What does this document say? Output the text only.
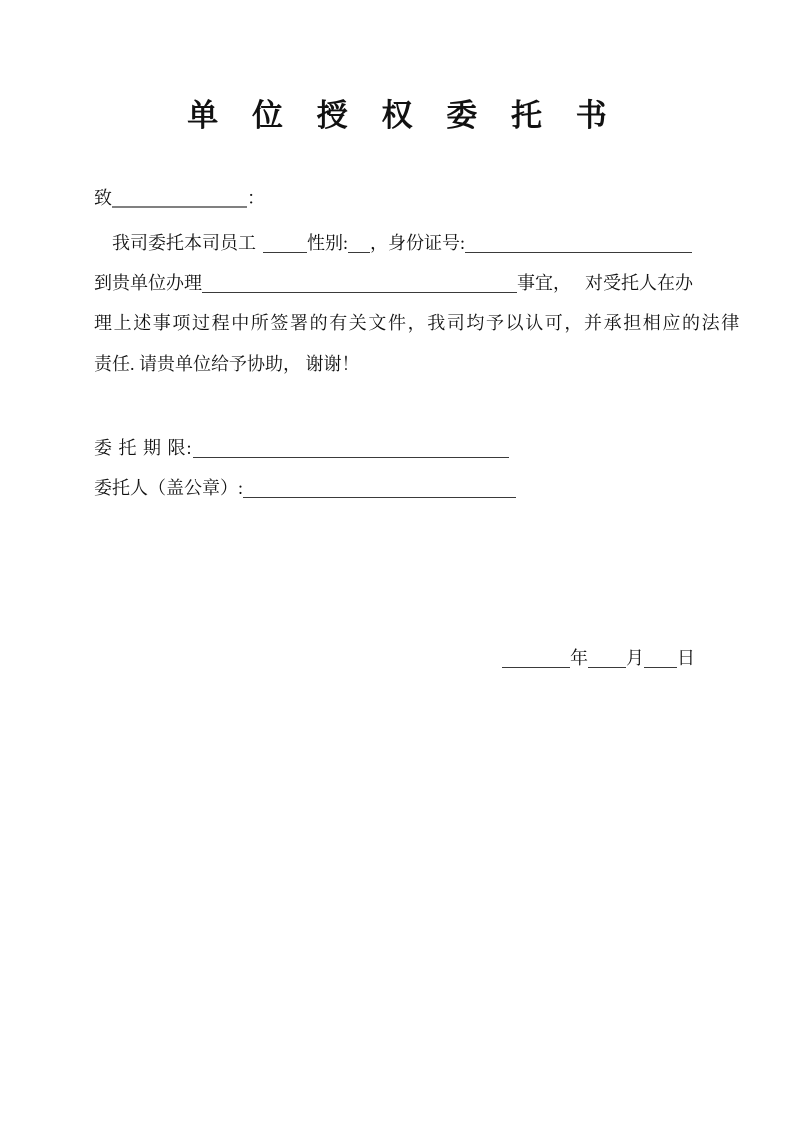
单 位 授 权 委 托 书
致	：
我司委托本司员工	性别: ，身份证号:
到贵单位办理	事宜， 对受托人在办
理上述事项过程中所签署的有关文件，我司均予以认可，并承担相应的法律
责任. 请贵单位给予协助， 谢谢！
委 托 期 限:
委托人（盖公章）:
年 月 日
